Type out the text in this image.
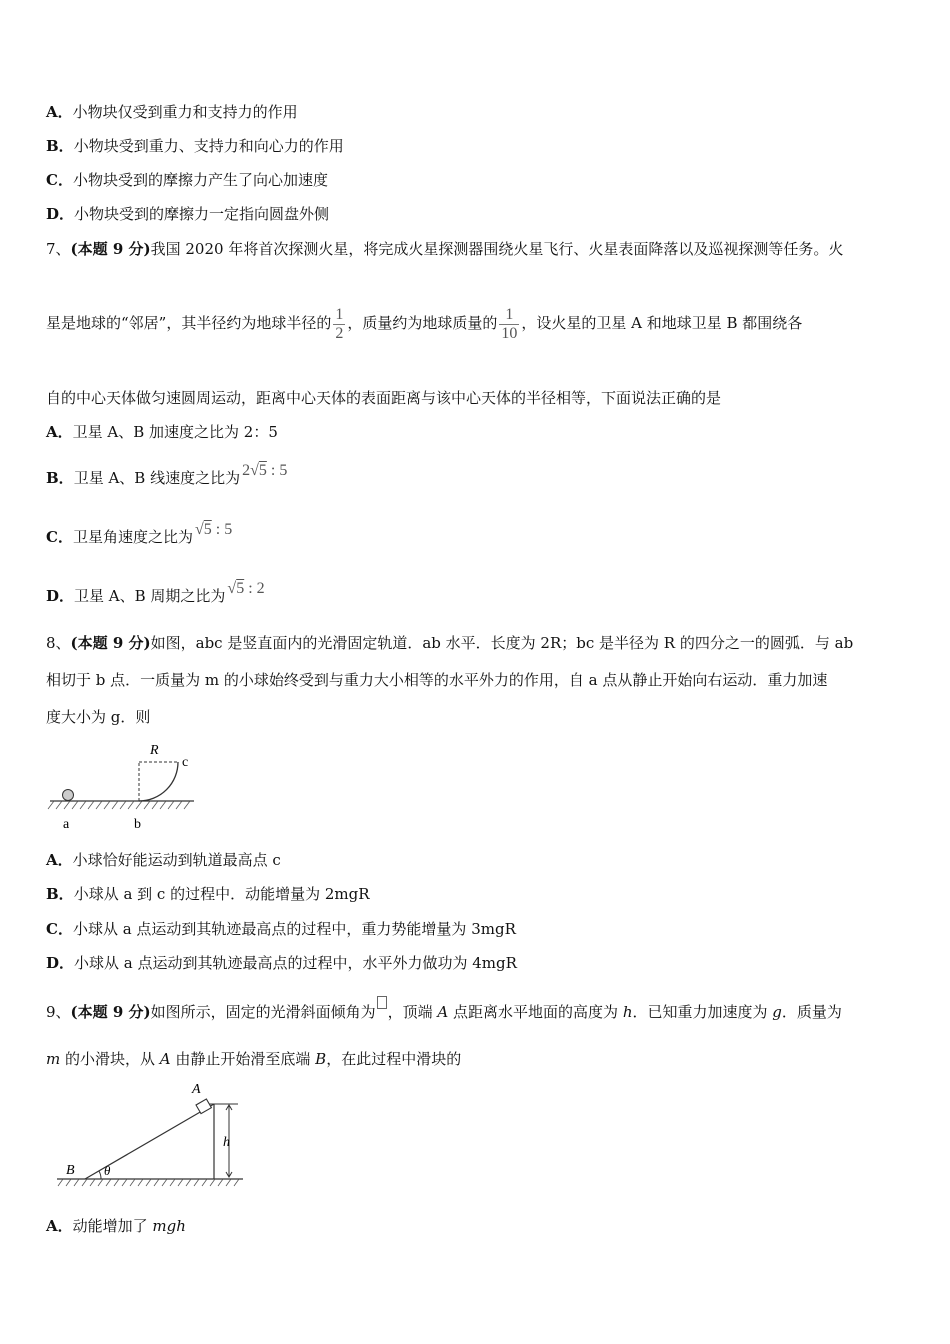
A．小物块仅受到重力和支持力的作用
B．小物块受到重力、支持力和向心力的作用
C．小物块受到的摩擦力产生了向心加速度
D．小物块受到的摩擦力一定指向圆盘外侧
7、(本题 9 分)我国 2020 年将首次探测火星，将完成火星探测器围绕火星飞行、火星表面降落以及巡视探测等任务。火
星是地球的“邻居”，其半径约为地球半径的 $\frac{1}{2}$ ，质量约为地球质量的 $\frac{1}{10}$ ，设火星的卫星 A 和地球卫星 B 都围绕各
自的中心天体做匀速圆周运动，距离中心天体的表面距离与该中心天体的半径相等，下面说法正确的是
A．卫星 A、B 加速度之比为 2：5
B．卫星 A、B 线速度之比为 2√5 : 5
C．卫星角速度之比为 √5 : 5
D．卫星 A、B 周期之比为 √5 : 2
8、(本题 9 分)如图，abc 是竖直面内的光滑固定轨道．ab 水平．长度为 2R；bc 是半径为 R 的四分之一的圆弧．与 ab
相切于 b 点．一质量为 m 的小球始终受到与重力大小相等的水平外力的作用，自 a 点从静止开始向右运动．重力加速
度大小为 g．则
R
c
a	b
A．小球恰好能运动到轨道最高点 c
B．小球从 a 到 c 的过程中．动能增量为 2mgR
C．小球从 a 点运动到其轨迹最高点的过程中，重力势能增量为 3mgR
D．小球从 a 点运动到其轨迹最高点的过程中，水平外力做功为 4mgR
9、(本题 9 分)如图所示，固定的光滑斜面倾角为 ，顶端 A 点距离水平地面的高度为 h．已知重力加速度为 g．质量为
m 的小滑块，从 A 由静止开始滑至底端 B，在此过程中滑块的
A
B
h
θ
A．动能增加了 mgh
